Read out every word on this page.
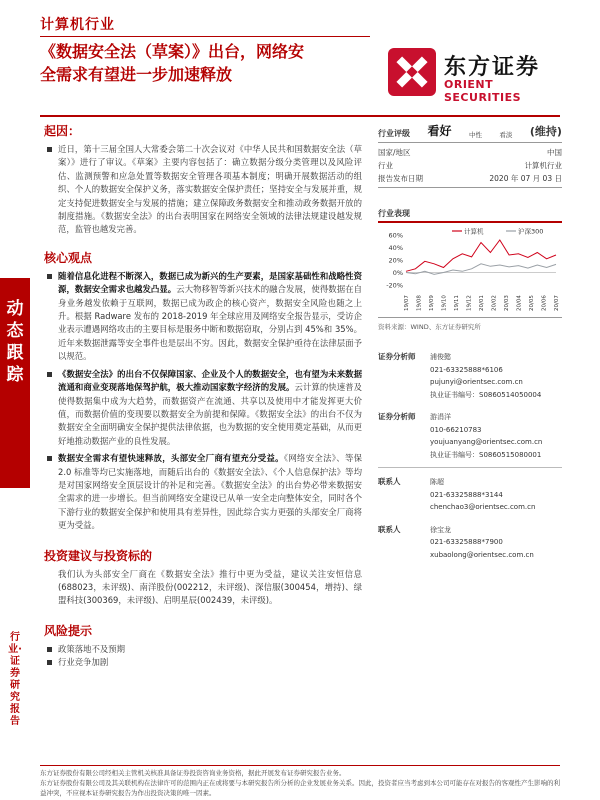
计算机行业
《数据安全法（草案）》出台，网络安
全需求有望进一步加速释放	东方证券
ORIENT SECURITIES
动态跟踪
行业·证券研究报告
起因：
近日，第十三届全国人大常委会第二十次会议对《中华人民共和国数据安全法（草案）》进行了审议。《草案》主要内容包括了：确立数据分级分类管理以及风险评估、监测预警和应急处置等数据安全管理各项基本制度；明确开展数据活动的组织、个人的数据安全保护义务，落实数据安全保护责任；坚持安全与发展并重，规定支持促进数据安全与发展的措施；建立保障政务数据安全和推动政务数据开放的制度措施。《数据安全法》的出台表明国家在网络安全领域的法律法规建设越发规范，监管也越发完善。
核心观点
随着信息化进程不断深入，数据已成为新兴的生产要素，是国家基础性和战略性资源，数据安全需求也越发凸显。云大物移智等新兴技术的融合发展，使得数据在自身业务越发依赖于互联网，数据已成为政企的核心资产，数据安全风险也随之上升。根据 Radware 发布的 2018-2019 年全球应用及网络安全报告显示，受访企业表示遭遇网络攻击的主要目标是服务中断和数据窃取，分别占到 45%和 35%。近年来数据泄露等安全事件也是层出不穷。因此，数据安全保护亟待在法律层面予以规范。
《数据安全法》的出台不仅保障国家、企业及个人的数据安全，也有望为未来数据流通和商业变现落地保驾护航，极大推动国家数字经济的发展。云计算的快速普及使得数据集中成为大趋势，而数据资产在流通、共享以及使用中才能发挥更大价值，而数据价值的变现要以数据安全为前提和保障。《数据安全法》的出台不仅为数据安全全面明确安全保护提供法律依据，也为数据的安全使用奠定基础，从而更好地推动数据产业的良性发展。
数据安全需求有望快速释放，头部安全厂商有望充分受益。《网络安全法》、等保 2.0 标准等均已实施落地，而随后出台的《数据安全法》、《个人信息保护法》等均是对国家网络安全顶层设计的补足和完善。《数据安全法》的出台势必带来数据安全需求的进一步增长。但当前网络安全建设已从单一安全走向整体安全，同时各个下游行业的数据安全保护和使用具有差异性，因此综合实力更强的头部安全厂商将更为受益。
投资建议与投资标的
我们认为头部安全厂商在《数据安全法》推行中更为受益，建议关注安恒信息(688023，未评级)、南洋股份(002212，未评级)、深信服(300454，增持)、绿盟科技(300369，未评级)、启明星辰(002439，未评级)。
风险提示
政策落地不及预期
行业竞争加剧
行业评级 看好	中性	看淡 (维持)
国家/地区	中国
行业	计算机行业
报告发布日期	2020 年 07 月 03 日
行业表现
60%
40%
20%
0%
-20%
19/07 19/08 19/09 19/10 19/11 19/12 20/01 20/02 20/03 20/04 20/05 20/06 20/07
计算机	沪深300
资料来源：WIND、东方证券研究所
证券分析师	浦俊懿
021-63325888*6106
pujunyi@orientsec.com.cn
执业证书编号：S0860514050004
证券分析师	游涓洋
010-66210783
youjuanyang@orientsec.com.cn
执业证书编号：S0860515080001
联系人	陈超
021-63325888*3144
chenchao3@orientsec.com.cn
联系人	徐宝龙
021-63325888*7900
xubaolong@orientsec.com.cn
东方证券股份有限公司经相关主管机关核准具备证券投资咨询业务资格，据此开展发布证券研究报告业务。
东方证券股份有限公司及其关联机构在法律许可的范围内正在或将要与本研究报告所分析的企业发展业务关系。因此，投资者应当考虑到本公司可能存在对报告的客观性产生影响的利益冲突，不应视本证券研究报告为作出投资决策的唯一因素。
